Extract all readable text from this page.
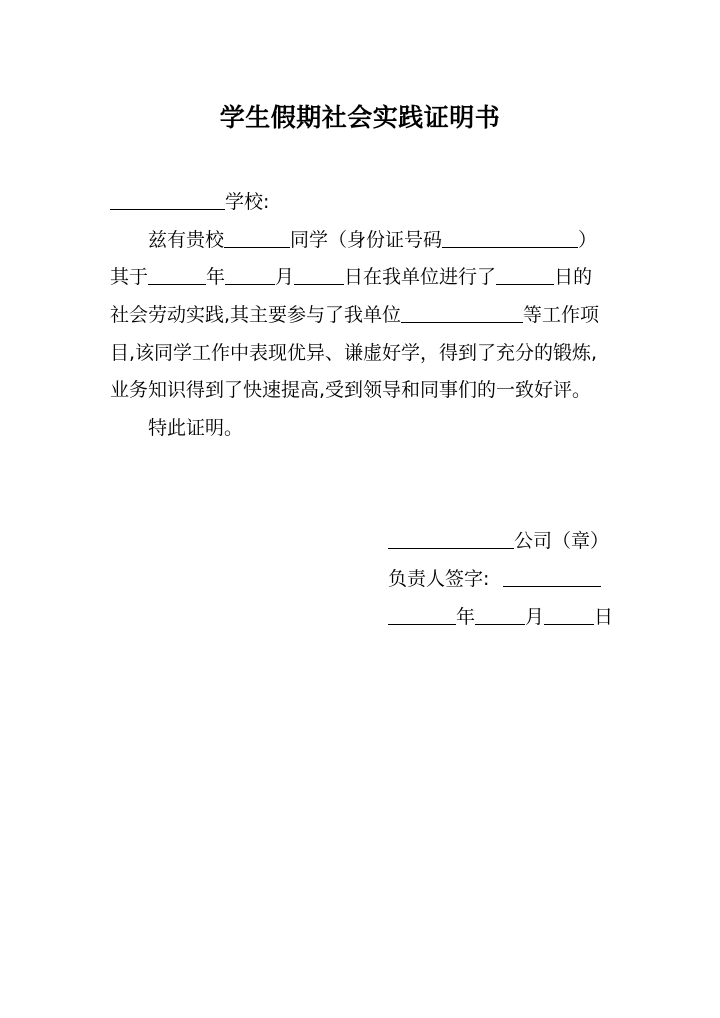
学生假期社会实践证明书
学校:
兹有贵校	同学（身份证号码	）
其于	年	月	日在我单位进行了	日的
社会劳动实践,其主要参与了我单位	等工作项
目,该同学工作中表现优异、谦虚好学，得到了充分的锻炼,
业务知识得到了快速提高,受到领导和同事们的一致好评。
特此证明。
公司（章）
负责人签字:
年	月	日
